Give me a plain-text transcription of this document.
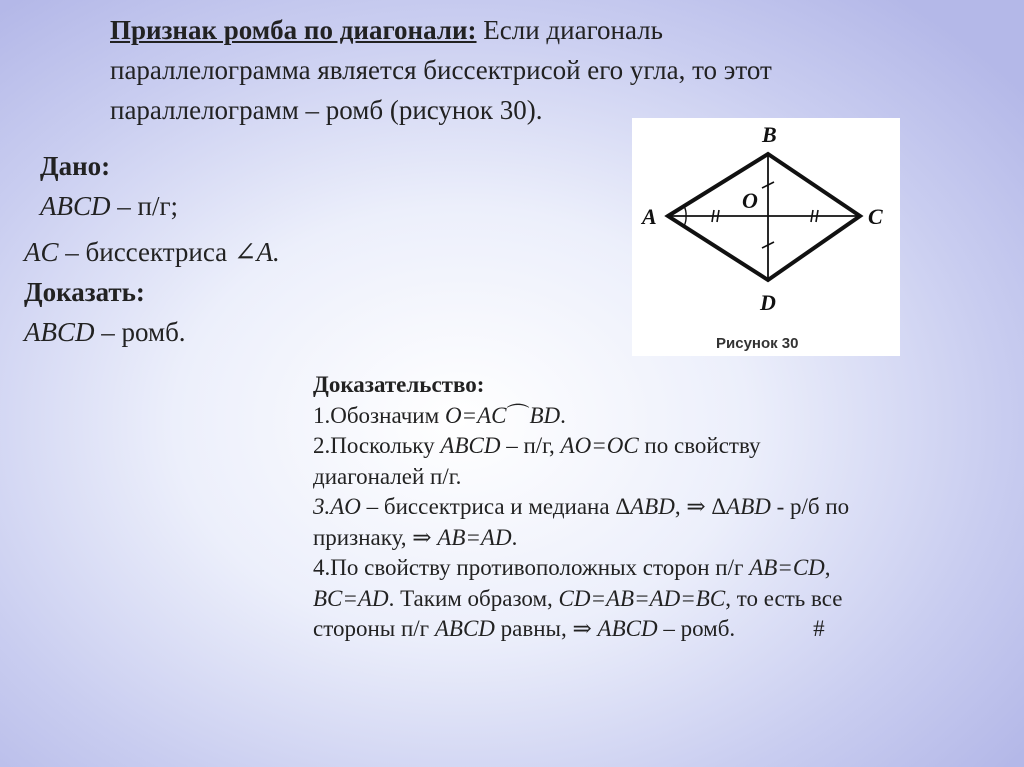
Признак ромба по диагонали: Если диагональ
параллелограмма является биссектрисой его угла, то этот
параллелограмм – ромб (рисунок 30).
Дано:
ABCD – п/г;
AC – биссектриса ∠A.
Доказать:
ABCD – ромб.
B
A	C
D
O
Рисунок 30
Доказательство:
1.Обозначим O=AC⌒BD.
2.Поскольку ABCD – п/г, AO=OC по свойству
диагоналей п/г.
3.AO – биссектриса и медиана ΔABD, ⇒ ΔABD - р/б по
признаку, ⇒ AB=AD.
4.По свойству противоположных сторон п/г AB=CD,
BC=AD. Таким образом, CD=AB=AD=BC, то есть все
стороны п/г ABCD равны, ⇒ ABCD – ромб.	#
